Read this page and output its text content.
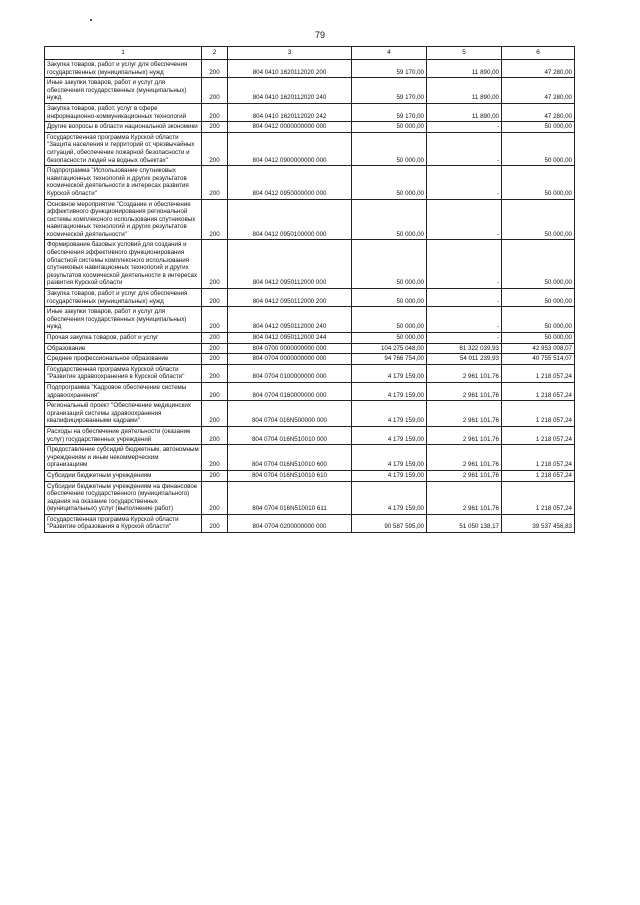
79
1	2	3	4	5	6
Закупка товаров, работ и услуг для обеспечения государственных (муниципальных) нужд	200	804 0410 1620112020 200	59 170,00	11 890,00	47 280,00
Иные закупки товаров, работ и услуг для обеспечения государственных (муниципальных) нужд	200	804 0410 1620112020 240	59 170,00	11 890,00	47 280,00
Закупка товаров, работ, услуг в сфере информационно-коммуникационных технологий	200	804 0410 1620112020 242	59 170,00	11 890,00	47 280,00
Другие вопросы в области национальной экономики	200	804 0412 0000000000 000	50 000,00	-	50 000,00
Государственная программа Курской области "Защита населения и территорий от чрезвычайных ситуаций, обеспечение пожарной безопасности и безопасности людей на водных объектах"	200	804 0412 0900000000 000	50 000,00	-	50 000,00
Подпрограмма "Использование спутниковых навигационных технологий и других результатов космической деятельности в интересах развития Курской области"	200	804 0412 0950000000 000	50 000,00	-	50 000,00
Основное мероприятие "Создание и обеспечение эффективного функционирования региональной системы комплексного использования спутниковых навигационных технологий и других результатов космической деятельности"	200	804 0412 0950100000 000	50 000,00	-	50 000,00
Формирование базовых условий для создания и обеспечения эффективного функционирования областной системы комплексного использования спутниковых навигационных технологий и других результатов космической деятельности в интересах развития Курской области	200	804 0412 0950112000 000	50 000,00	-	50 000,00
Закупка товаров, работ и услуг для обеспечения государственных (муниципальных) нужд	200	804 0412 0950112000 200	50 000,00	-	50 000,00
Иные закупки товаров, работ и услуг для обеспечения государственных (муниципальных) нужд	200	804 0412 0950112000 240	50 000,00	-	50 000,00
Прочая закупка товаров, работ и услуг	200	804 0412 0950112000 244	50 000,00	-	50 000,00
Образование	200	804 0700 0000000000 000	104 275 048,00	61 322 039,93	42 953 008,07
Среднее профессиональное образование	200	804 0704 0000000000 000	94 766 754,00	54 011 239,93	40 755 514,07
Государственная программа Курской области "Развитие здравоохранения в Курской области"	200	804 0704 0100000000 000	4 179 159,00	2 961 101,76	1 218 057,24
Подпрограмма "Кадровое обеспечение системы здравоохранения"	200	804 0704 0160000000 000	4 179 159,00	2 961 101,76	1 218 057,24
Региональный проект "Обеспечение медицинских организаций системы здравоохранения квалифицированными кадрами"	200	804 0704 016N500000 000	4 179 159,00	2 961 101,76	1 218 057,24
Расходы на обеспечение деятельности (оказание услуг) государственных учреждений	200	804 0704 016N510010 000	4 179 159,00	2 961 101,76	1 218 057,24
Предоставление субсидий бюджетным, автономным учреждениям и иным некоммерческим организациям	200	804 0704 016N510010 600	4 179 159,00	2 961 101,76	1 218 057,24
Субсидии бюджетным учреждениям	200	804 0704 016N510010 610	4 179 159,00	2 961 101,76	1 218 057,24
Субсидии бюджетным учреждениям на финансовое обеспечение государственного (муниципального) задания на оказание государственных (муниципальных) услуг (выполнение работ)	200	804 0704 016N510010 611	4 179 159,00	2 961 101,76	1 218 057,24
Государственная программа Курской области "Развитие образования в Курской области"	200	804 0704 0200000000 000	90 587 595,00	51 050 138,17	39 537 456,83
